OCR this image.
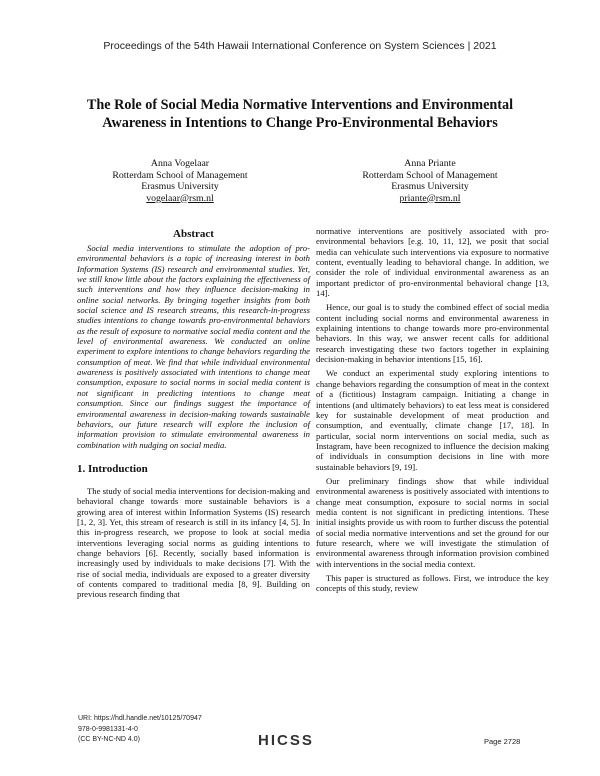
Proceedings of the 54th Hawaii International Conference on System Sciences | 2021
The Role of Social Media Normative Interventions and Environmental Awareness in Intentions to Change Pro-Environmental Behaviors
Anna Vogelaar
Rotterdam School of Management
Erasmus University
vogelaar@rsm.nl
Anna Priante
Rotterdam School of Management
Erasmus University
priante@rsm.nl
Abstract

Social media interventions to stimulate the adoption of pro-environmental behaviors is a topic of increasing interest in both Information Systems (IS) research and environmental studies. Yet, we still know little about the factors explaining the effectiveness of such interventions and how they influence decision-making in online social networks. By bringing together insights from both social science and IS research streams, this research-in-progress studies intentions to change towards pro-environmental behaviors as the result of exposure to normative social media content and the level of environmental awareness. We conducted an online experiment to explore intentions to change behaviors regarding the consumption of meat. We find that while individual environmental awareness is positively associated with intentions to change meat consumption, exposure to social norms in social media content is not significant in predicting intentions to change meat consumption. Since our findings suggest the importance of environmental awareness in decision-making towards sustainable behaviors, our future research will explore the inclusion of information provision to stimulate environmental awareness in combination with nudging on social media.

1. Introduction

The study of social media interventions for decision-making and behavioral change towards more sustainable behaviors is a growing area of interest within Information Systems (IS) research [1, 2, 3]. Yet, this stream of research is still in its infancy [4, 5]. In this in-progress research, we propose to look at social media interventions leveraging social norms as guiding intentions to change behaviors [6]. Recently, socially based information is increasingly used by individuals to make decisions [7]. With the rise of social media, individuals are exposed to a greater diversity of contents compared to traditional media [8, 9]. Building on previous research finding that

normative interventions are positively associated with pro-environmental behaviors [e.g. 10, 11, 12], we posit that social media can vehiculate such interventions via exposure to normative content, eventually leading to behavioral change. In addition, we consider the role of individual environmental awareness as an important predictor of pro-environmental behavioral change [13, 14].

Hence, our goal is to study the combined effect of social media content including social norms and environmental awareness in explaining intentions to change towards more pro-environmental behaviors. In this way, we answer recent calls for additional research investigating these two factors together in explaining decision-making in behavior intentions [15, 16].

We conduct an experimental study exploring intentions to change behaviors regarding the consumption of meat in the context of a (fictitious) Instagram campaign. Initiating a change in intentions (and ultimately behaviors) to eat less meat is considered key for sustainable development of meat production and consumption, and eventually, climate change [17, 18]. In particular, social norm interventions on social media, such as Instagram, have been recognized to influence the decision making of individuals in consumption decisions in line with more sustainable behaviors [9, 19].

Our preliminary findings show that while individual environmental awareness is positively associated with intentions to change meat consumption, exposure to social norms in social media content is not significant in predicting intentions. These initial insights provide us with room to further discuss the potential of social media normative interventions and set the ground for our future research, where we will investigate the stimulation of environmental awareness through information provision combined with interventions in the social media context.

This paper is structured as follows. First, we introduce the key concepts of this study, review

URI: https://hdl.handle.net/10125/70947
978-0-9981331-4-0
(CC BY-NC-ND 4.0)	HICSS	Page 2728
